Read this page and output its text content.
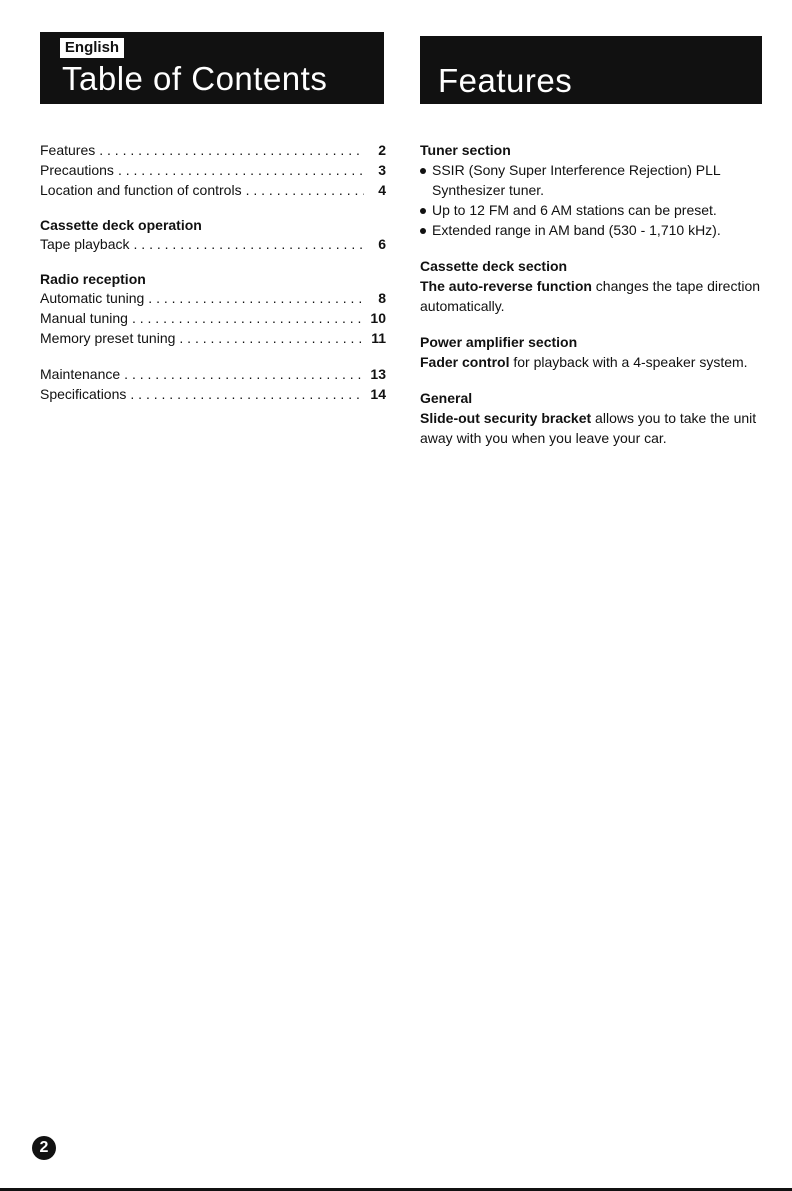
English
Table of Contents	Features
Features . . .	2
Precautions . . .	3
Location and function of controls . . .	4
Cassette deck operation
Tape playback . . .	6
Radio reception
Automatic tuning . . .	8
Manual tuning . . .	10
Memory preset tuning . . .	11
Maintenance . . .	13
Specifications . . .	14
Tuner section
SSIR (Sony Super Interference Rejection) PLL Synthesizer tuner.
Up to 12 FM and 6 AM stations can be preset.
Extended range in AM band (530 - 1,710 kHz).
Cassette deck section

The auto-reverse function changes the tape direction automatically.

Power amplifier section

Fader control for playback with a 4-speaker system.

General

Slide-out security bracket allows you to take the unit away with you when you leave your car.

2
